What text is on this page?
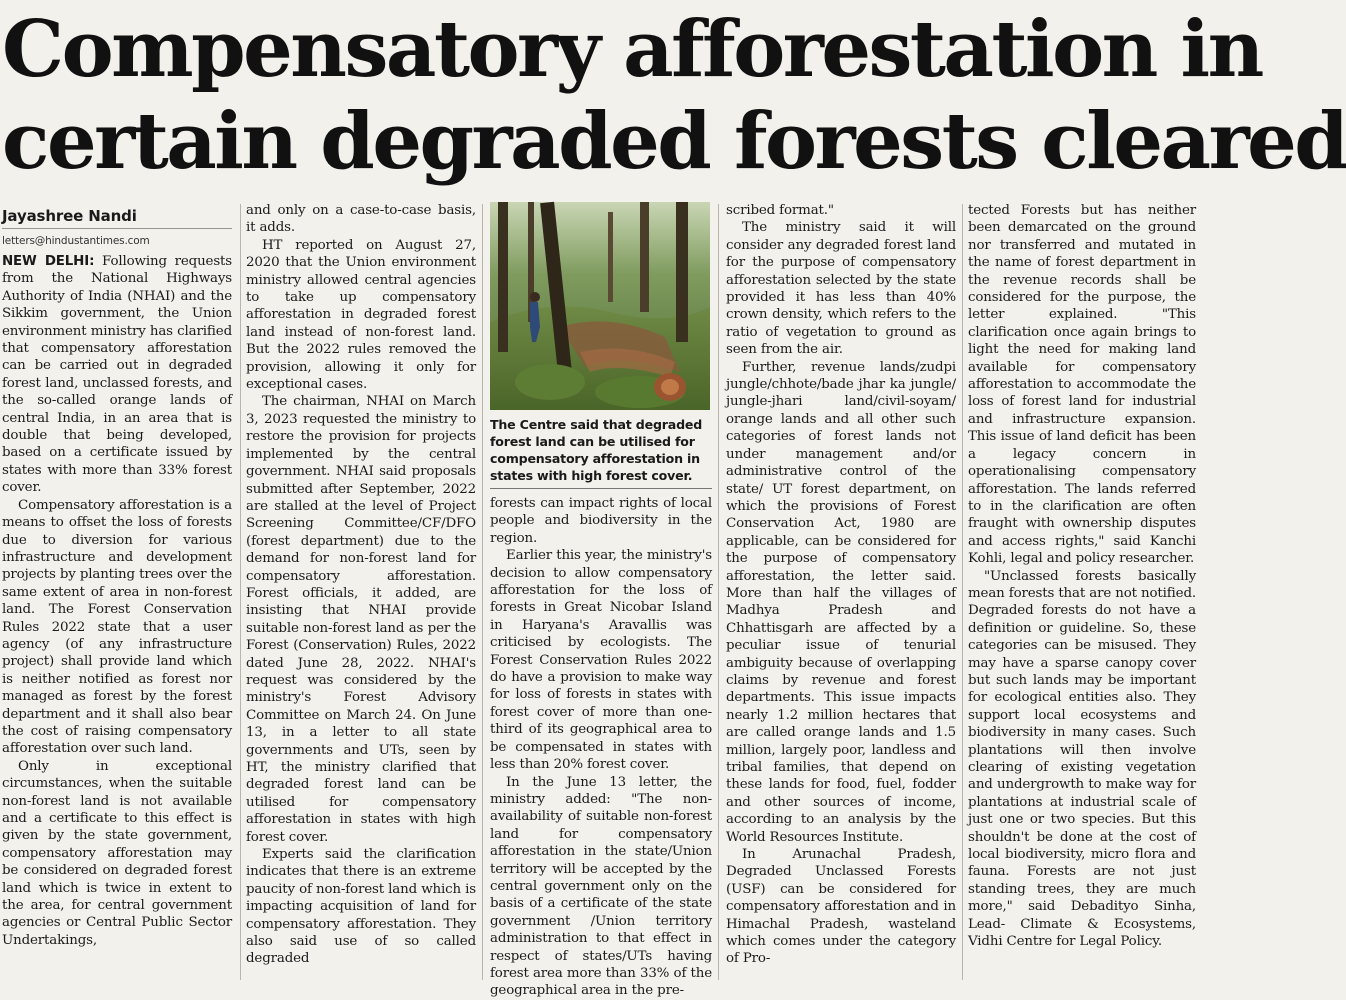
Compensatory afforestation in
certain degraded forests cleared
Jayashree Nandi
letters@hindustantimes.com

NEW DELHI: Following requests from the National Highways Authority of India (NHAI) and the Sikkim government, the Union environment ministry has clarified that compensatory afforestation can be carried out in degraded forest land, unclassed forests, and the so-called orange lands of central India, in an area that is double that being developed, based on a certificate issued by states with more than 33% forest cover.

Compensatory afforestation is a means to offset the loss of forests due to diversion for various infrastructure and development projects by planting trees over the same extent of area in non-forest land. The Forest Conservation Rules 2022 state that a user agency (of any infrastructure project) shall provide land which is neither notified as forest nor managed as forest by the forest department and it shall also bear the cost of raising compensatory afforestation over such land.

Only in exceptional circumstances, when the suitable non-forest land is not available and a certificate to this effect is given by the state government, compensatory afforestation may be considered on degraded forest land which is twice in extent to the area, for central government agencies or Central Public Sector Undertakings,

and only on a case-to-case basis, it adds.

HT reported on August 27, 2020 that the Union environment ministry allowed central agencies to take up compensatory afforestation in degraded forest land instead of non-forest land. But the 2022 rules removed the provision, allowing it only for exceptional cases.

The chairman, NHAI on March 3, 2023 requested the ministry to restore the provision for projects implemented by the central government. NHAI said proposals submitted after September, 2022 are stalled at the level of Project Screening Committee/CF/DFO (forest department) due to the demand for non-forest land for compensatory afforestation. Forest officials, it added, are insisting that NHAI provide suitable non-forest land as per the Forest (Conservation) Rules, 2022 dated June 28, 2022. NHAI's request was considered by the ministry's Forest Advisory Committee on March 24. On June 13, in a letter to all state governments and UTs, seen by HT, the ministry clarified that degraded forest land can be utilised for compensatory afforestation in states with high forest cover.

Experts said the clarification indicates that there is an extreme paucity of non-forest land which is impacting acquisition of land for compensatory afforestation. They also said use of so called degraded

The Centre said that degraded forest land can be utilised for compensatory afforestation in states with high forest cover.

forests can impact rights of local people and biodiversity in the region.

Earlier this year, the ministry's decision to allow compensatory afforestation for the loss of forests in Great Nicobar Island in Haryana's Aravallis was criticised by ecologists. The Forest Conservation Rules 2022 do have a provision to make way for loss of forests in states with forest cover of more than one-third of its geographical area to be compensated in states with less than 20% forest cover.

In the June 13 letter, the ministry added: "The non-availability of suitable non-forest land for compensatory afforestation in the state/Union territory will be accepted by the central government only on the basis of a certificate of the state government /Union territory administration to that effect in respect of states/UTs having forest area more than 33% of the geographical area in the pre-

scribed format."

The ministry said it will consider any degraded forest land for the purpose of compensatory afforestation selected by the state provided it has less than 40% crown density, which refers to the ratio of vegetation to ground as seen from the air.

Further, revenue lands/zudpi jungle/chhote/bade jhar ka jungle/ jungle-jhari land/civil-soyam/ orange lands and all other such categories of forest lands not under management and/or administrative control of the state/ UT forest department, on which the provisions of Forest Conservation Act, 1980 are applicable, can be considered for the purpose of compensatory afforestation, the letter said. More than half the villages of Madhya Pradesh and Chhattisgarh are affected by a peculiar issue of tenurial ambiguity because of overlapping claims by revenue and forest departments. This issue impacts nearly 1.2 million hectares that are called orange lands and 1.5 million, largely poor, landless and tribal families, that depend on these lands for food, fuel, fodder and other sources of income, according to an analysis by the World Resources Institute.

In Arunachal Pradesh, Degraded Unclassed Forests (USF) can be considered for compensatory afforestation and in Himachal Pradesh, wasteland which comes under the category of Pro-

tected Forests but has neither been demarcated on the ground nor transferred and mutated in the name of forest department in the revenue records shall be considered for the purpose, the letter explained. "This clarification once again brings to light the need for making land available for compensatory afforestation to accommodate the loss of forest land for industrial and infrastructure expansion. This issue of land deficit has been a legacy concern in operationalising compensatory afforestation. The lands referred to in the clarification are often fraught with ownership disputes and access rights," said Kanchi Kohli, legal and policy researcher.

"Unclassed forests basically mean forests that are not notified. Degraded forests do not have a definition or guideline. So, these categories can be misused. They may have a sparse canopy cover but such lands may be important for ecological entities also. They support local ecosystems and biodiversity in many cases. Such plantations will then involve clearing of existing vegetation and undergrowth to make way for plantations at industrial scale of just one or two species. But this shouldn't be done at the cost of local biodiversity, micro flora and fauna. Forests are not just standing trees, they are much more," said Debadityo Sinha, Lead- Climate & Ecosystems, Vidhi Centre for Legal Policy.
